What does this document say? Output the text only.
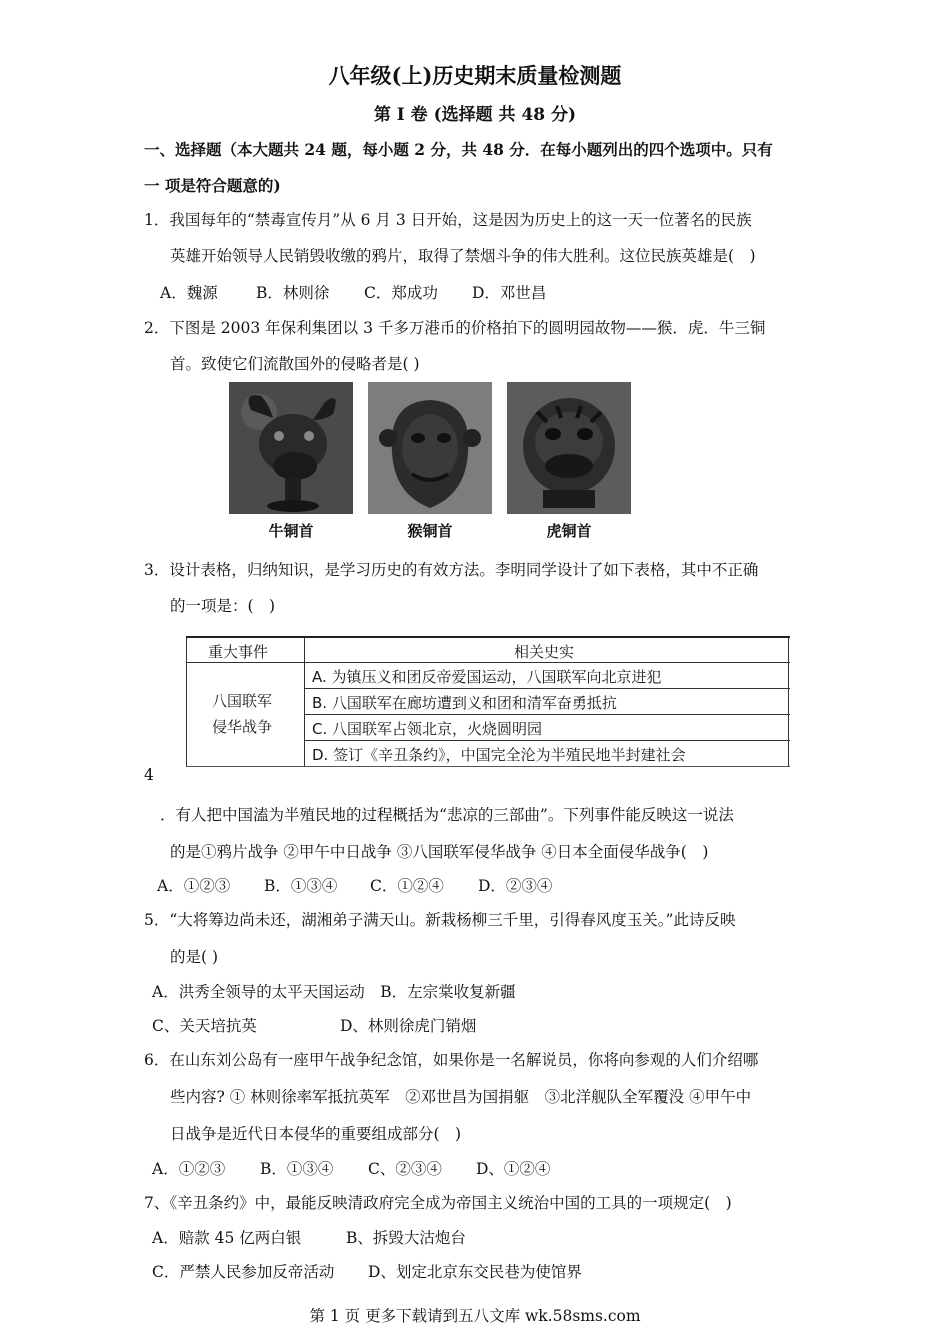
八年级(上)历史期末质量检测题
第 I 卷 (选择题 共 48 分)
一、选择题（本大题共 24 题，每小题 2 分，共 48 分．在每小题列出的四个选项中。只有
一 项是符合题意的)
1．我国每年的“禁毒宣传月”从 6 月 3 日开始，这是因为历史上的这一天一位著名的民族
英雄开始领导人民销毁收缴的鸦片，取得了禁烟斗争的伟大胜利。这位民族英雄是(　)
A．魏源 B．林则徐 C．郑成功 D．邓世昌
2．下图是 2003 年保利集团以 3 千多万港币的价格拍下的圆明园故物——猴．虎．牛三铜
首。致使它们流散国外的侵略者是( )
牛铜首	猴铜首	虎铜首
3．设计表格，归纳知识，是学习历史的有效方法。李明同学设计了如下表格，其中不正确
的一项是：(　)
重大事件	相关史实
八国联军
侵华战争
A. 为镇压义和团反帝爱国运动，八国联军向北京进犯
B. 八国联军在廊坊遭到义和团和清军奋勇抵抗
C. 八国联军占领北京，火烧圆明园
D. 签订《辛丑条约》，中国完全沦为半殖民地半封建社会
4
．有人把中国溘为半殖民地的过程概括为“悲凉的三部曲”。下列事件能反映这一说法
的是①鸦片战争 ②甲午中日战争 ③八国联军侵华战争 ④日本全面侵华战争(　)
A．①②③ B．①③④ C．①②④ D．②③④
5．“大将筹边尚未还，湖湘弟子满天山。新栽杨柳三千里，引得春风度玉关。”此诗反映
的是( )
A．洪秀全领导的太平天国运动　B．左宗棠收复新疆
C、关天培抗英	D、林则徐虎门销烟
6．在山东刘公岛有一座甲午战争纪念馆，如果你是一名解说员，你将向参观的人们介绍哪
些内容? ① 林则徐率军抵抗英军　②邓世昌为国捐躯　③北洋舰队全军覆没 ④甲午中
日战争是近代日本侵华的重要组成部分(　)
A．①②③ B．①③④ C、②③④ D、①②④
7、《辛丑条约》中，最能反映清政府完全成为帝国主义统治中国的工具的一项规定(　)
A．赔款 45 亿两白银	B、拆毁大沽炮台
C．严禁人民参加反帝活动 D、划定北京东交民巷为使馆界
第 1 页 更多下载请到五八文库 wk.58sms.com
